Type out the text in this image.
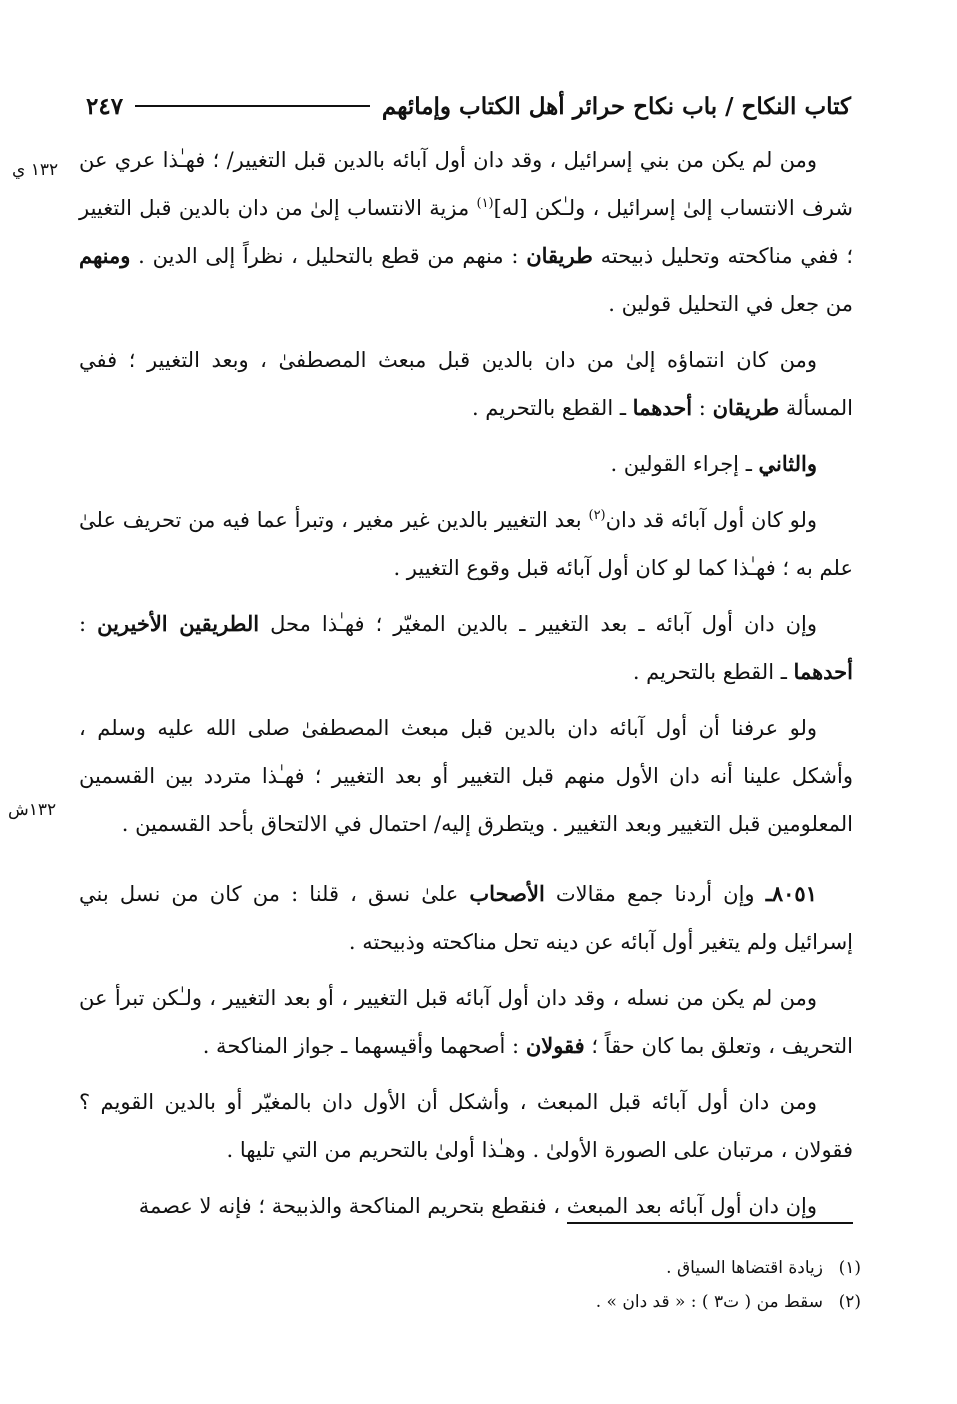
كتاب النكاح / باب نكاح حرائر أهل الكتاب وإمائهم
٢٤٧
١٣٢ ي
١٣٢ش

ومن لم يكن من بني إسرائيل ، وقد دان أول آبائه بالدين قبل التغيير/ ؛ فهـٰذا عري عن شرف الانتساب إلىٰ إسرائيل ، ولـٰكن [له]$^{(١)}$ مزية الانتساب إلىٰ من دان بالدين قبل التغيير ؛ ففي مناكحته وتحليل ذبيحته طريقان : منهم من قطع بالتحليل ، نظراً إلى الدين . ومنهم من جعل في التحليل قولين .

ومن كان انتماؤه إلىٰ من دان بالدين قبل مبعث المصطفىٰ ، وبعد التغيير ؛ ففي المسألة طريقان : أحدهما ـ القطع بالتحريم .

والثاني ـ إجراء القولين .

ولو كان أول آبائه قد دان$^{(٢)}$ بعد التغيير بالدين غير مغير ، وتبرأ عما فيه من تحريف علىٰ علم به ؛ فهـٰذا كما لو كان أول آبائه قبل وقوع التغيير .

وإن دان أول آبائه ـ بعد التغيير ـ بالدين المغيّر ؛ فهـٰذا محل الطريقين الأخيرين : أحدهما ـ القطع بالتحريم .

ولو عرفنا أن أول آبائه دان بالدين قبل مبعث المصطفىٰ صلى الله عليه وسلم ، وأشكل علينا أنه دان الأول منهم قبل التغيير أو بعد التغيير ؛ فهـٰذا متردد بين القسمين المعلومين قبل التغيير وبعد التغيير . ويتطرق إليه/ احتمال في الالتحاق بأحد القسمين .

٨٠٥١ـ وإن أردنا جمع مقالات الأصحاب علىٰ نسق ، قلنا : من كان من نسل بني إسرائيل ولم يتغير أول آبائه عن دينه تحل مناكحته وذبيحته .

ومن لم يكن من نسله ، وقد دان أول آبائه قبل التغيير ، أو بعد التغيير ، ولـٰكن تبرأ عن التحريف ، وتعلق بما كان حقاً ؛ فقولان : أصحهما وأقيسهما ـ جواز المناكحة .

ومن دان أول آبائه قبل المبعث ، وأشكل أن الأول دان بالمغيّر أو بالدين القويم ؟ فقولان ، مرتبان على الصورة الأولىٰ . وهـٰذا أولىٰ بالتحريم من التي تليها .

وإن دان أول آبائه بعد المبعث ، فنقطع بتحريم المناكحة والذبيحة ؛ فإنه لا عصمة

(١)زيادة اقتضاها السياق .

(٢)سقط من ( ت٣ ) : « قد دان » .
